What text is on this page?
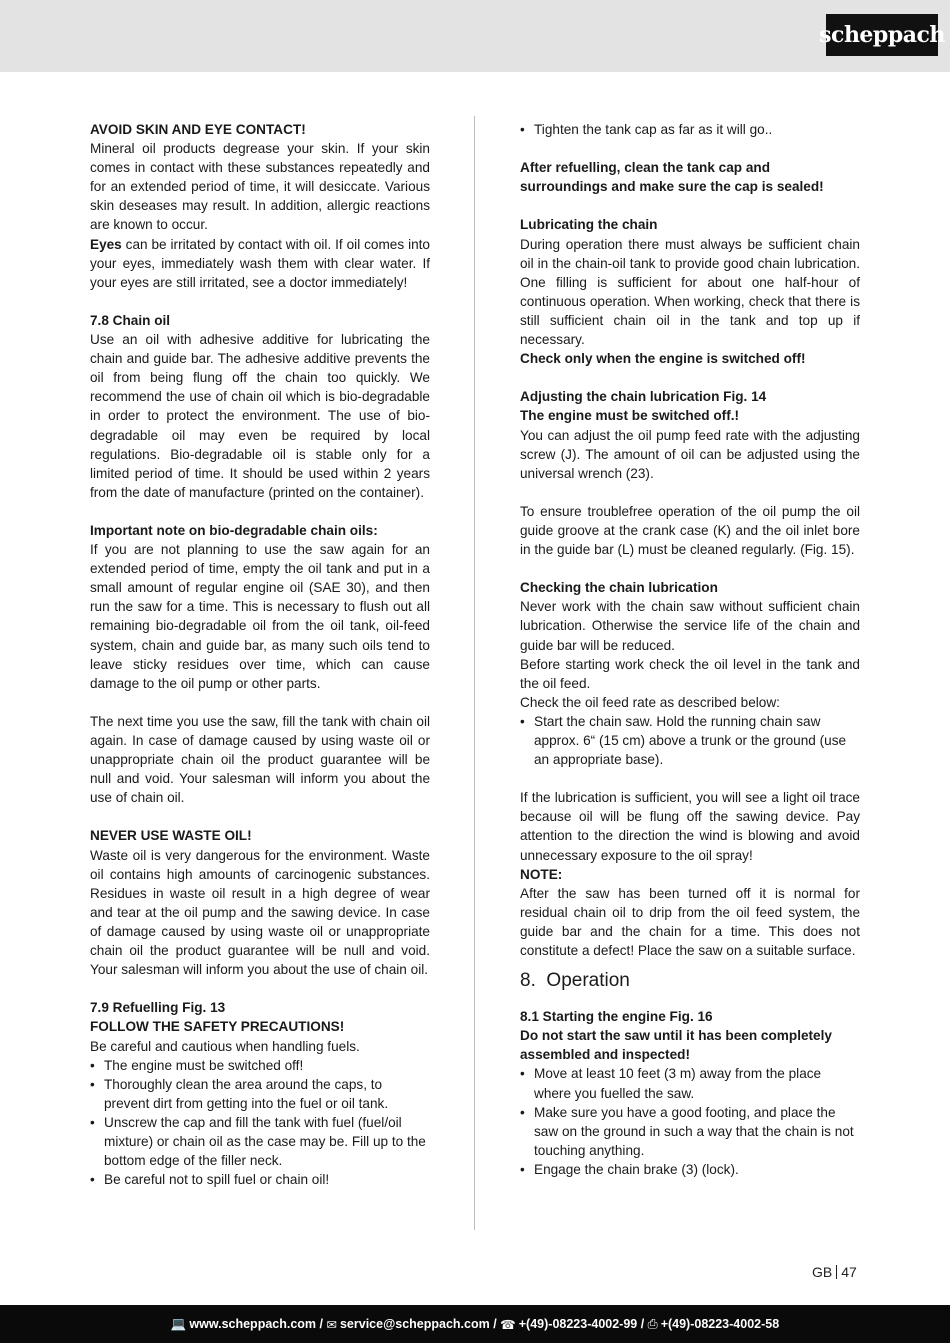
scheppach

AVOID SKIN AND EYE CONTACT!

Mineral oil products degrease your skin. If your skin comes in contact with these substances repeatedly and for an extended period of time, it will desiccate. Various skin deseases may result. In addition, allergic reactions are known to occur.

Eyes can be irritated by contact with oil. If oil comes into your eyes, immediately wash them with clear water. If your eyes are still irritated, see a doctor immediately!

7.8 Chain oil

Use an oil with adhesive additive for lubricating the chain and guide bar. The adhesive additive prevents the oil from being flung off the chain too quickly. We recommend the use of chain oil which is bio-degradable in order to protect the environment. The use of bio-degradable oil may even be required by local regulations. Bio-degradable oil is stable only for a limited period of time. It should be used within 2 years from the date of manufacture (printed on the container).

Important note on bio-degradable chain oils:

If you are not planning to use the saw again for an extended period of time, empty the oil tank and put in a small amount of regular engine oil (SAE 30), and then run the saw for a time. This is necessary to flush out all remaining bio-degradable oil from the oil tank, oil-feed system, chain and guide bar, as many such oils tend to leave sticky residues over time, which can cause damage to the oil pump or other parts.

The next time you use the saw, fill the tank with chain oil again. In case of damage caused by using waste oil or unappropriate chain oil the product guarantee will be null and void. Your salesman will inform you about the use of chain oil.

NEVER USE WASTE OIL!

Waste oil is very dangerous for the environment. Waste oil contains high amounts of carcinogenic substances. Residues in waste oil result in a high degree of wear and tear at the oil pump and the sawing device. In case of damage caused by using waste oil or unappropriate chain oil the product guarantee will be null and void. Your salesman will inform you about the use of chain oil.

7.9 Refuelling Fig. 13

FOLLOW THE SAFETY PRECAUTIONS!

Be careful and cautious when handling fuels.

• The engine must be switched off!
• Thoroughly clean the area around the caps, to prevent dirt from getting into the fuel or oil tank.
• Unscrew the cap and fill the tank with fuel (fuel/oil mixture) or chain oil as the case may be. Fill up to the bottom edge of the filler neck.
• Be careful not to spill fuel or chain oil!
• Tighten the tank cap as far as it will go..

After refuelling, clean the tank cap and surroundings and make sure the cap is sealed!

Lubricating the chain

During operation there must always be sufficient chain oil in the chain-oil tank to provide good chain lubrication. One filling is sufficient for about one half-hour of continuous operation. When working, check that there is still sufficient chain oil in the tank and top up if necessary.

Check only when the engine is switched off!

Adjusting the chain lubrication Fig. 14

The engine must be switched off.!

You can adjust the oil pump feed rate with the adjusting screw (J). The amount of oil can be adjusted using the universal wrench (23).

To ensure troublefree operation of the oil pump the oil guide groove at the crank case (K) and the oil inlet bore in the guide bar (L) must be cleaned regularly. (Fig. 15).

Checking the chain lubrication

Never work with the chain saw without sufficient chain lubrication. Otherwise the service life of the chain and guide bar will be reduced.

Before starting work check the oil level in the tank and the oil feed.

Check the oil feed rate as described below:

• Start the chain saw. Hold the running chain saw approx. 6“ (15 cm) above a trunk or the ground (use an appropriate base).

If the lubrication is sufficient, you will see a light oil trace because oil will be flung off the sawing device. Pay attention to the direction the wind is blowing and avoid unnecessary exposure to the oil spray!

NOTE:

After the saw has been turned off it is normal for residual chain oil to drip from the oil feed system, the guide bar and the chain for a time. This does not constitute a defect! Place the saw on a suitable surface.

8. Operation

8.1 Starting the engine Fig. 16

Do not start the saw until it has been completely assembled and inspected!

• Move at least 10 feet (3 m) away from the place where you fuelled the saw.
• Make sure you have a good footing, and place the saw on the ground in such a way that the chain is not touching anything.
• Engage the chain brake (3) (lock).
GB 47
💻 www.scheppach.com /
✉ service@scheppach.com /
☎ +(49)-08223-4002-99 /
⎙ +(49)-08223-4002-58
